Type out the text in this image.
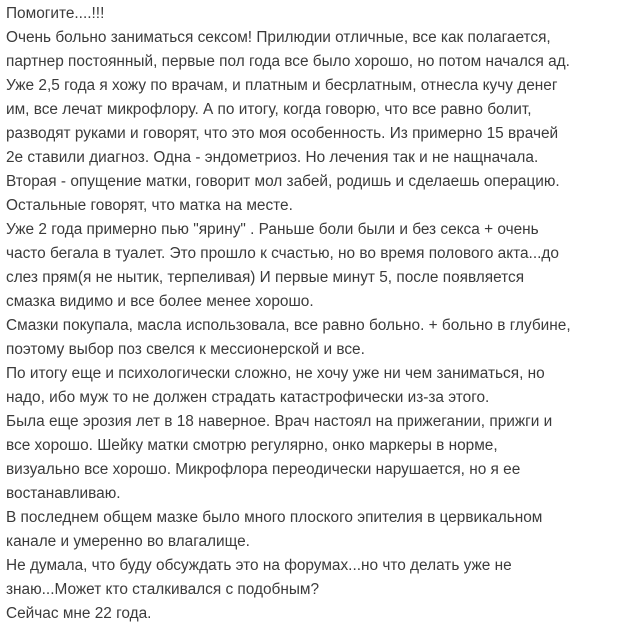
Помогите....!!!
Очень больно заниматься сексом! Прилюдии отличные, все как полагается,
партнер постоянный, первые пол года все было хорошо, но потом начался ад.
Уже 2,5 года я хожу по врачам, и платным и бесрлатным, отнесла кучу денег
им, все лечат микрофлору. А по итогу, когда говорю, что все равно болит,
разводят руками и говорят, что это моя особенность. Из примерно 15 врачей
2е ставили диагноз. Одна - эндометриоз. Но лечения так и не нащначала.
Вторая - опущение матки, говорит мол забей, родишь и сделаешь операцию.
Остальные говорят, что матка на месте.
Уже 2 года примерно пью "ярину" . Раньше боли были и без секса + очень
часто бегала в туалет. Это прошло к счастью, но во время полового акта...до
слез прям(я не нытик, терпеливая) И первые минут 5, после появляется
смазка видимо и все более менее хорошо.
Смазки покупала, масла использовала, все равно больно. + больно в глубине,
поэтому выбор поз свелся к мессионерской и все.
По итогу еще и психологически сложно, не хочу уже ни чем заниматься, но
надо, ибо муж то не должен страдать катастрофически из-за этого.
Была еще эрозия лет в 18 наверное. Врач настоял на прижегании, прижги и
все хорошо. Шейку матки смотрю регулярно, онко маркеры в норме,
визуально все хорошо. Микрофлора переодически нарушается, но я ее
востанавливаю.
В последнем общем мазке было много плоского эпителия в цервикальном
канале и умеренно во влагалище.
Не думала, что буду обсуждать это на форумах...но что делать уже не
знаю...Может кто сталкивался с подобным?
Сейчас мне 22 года.
